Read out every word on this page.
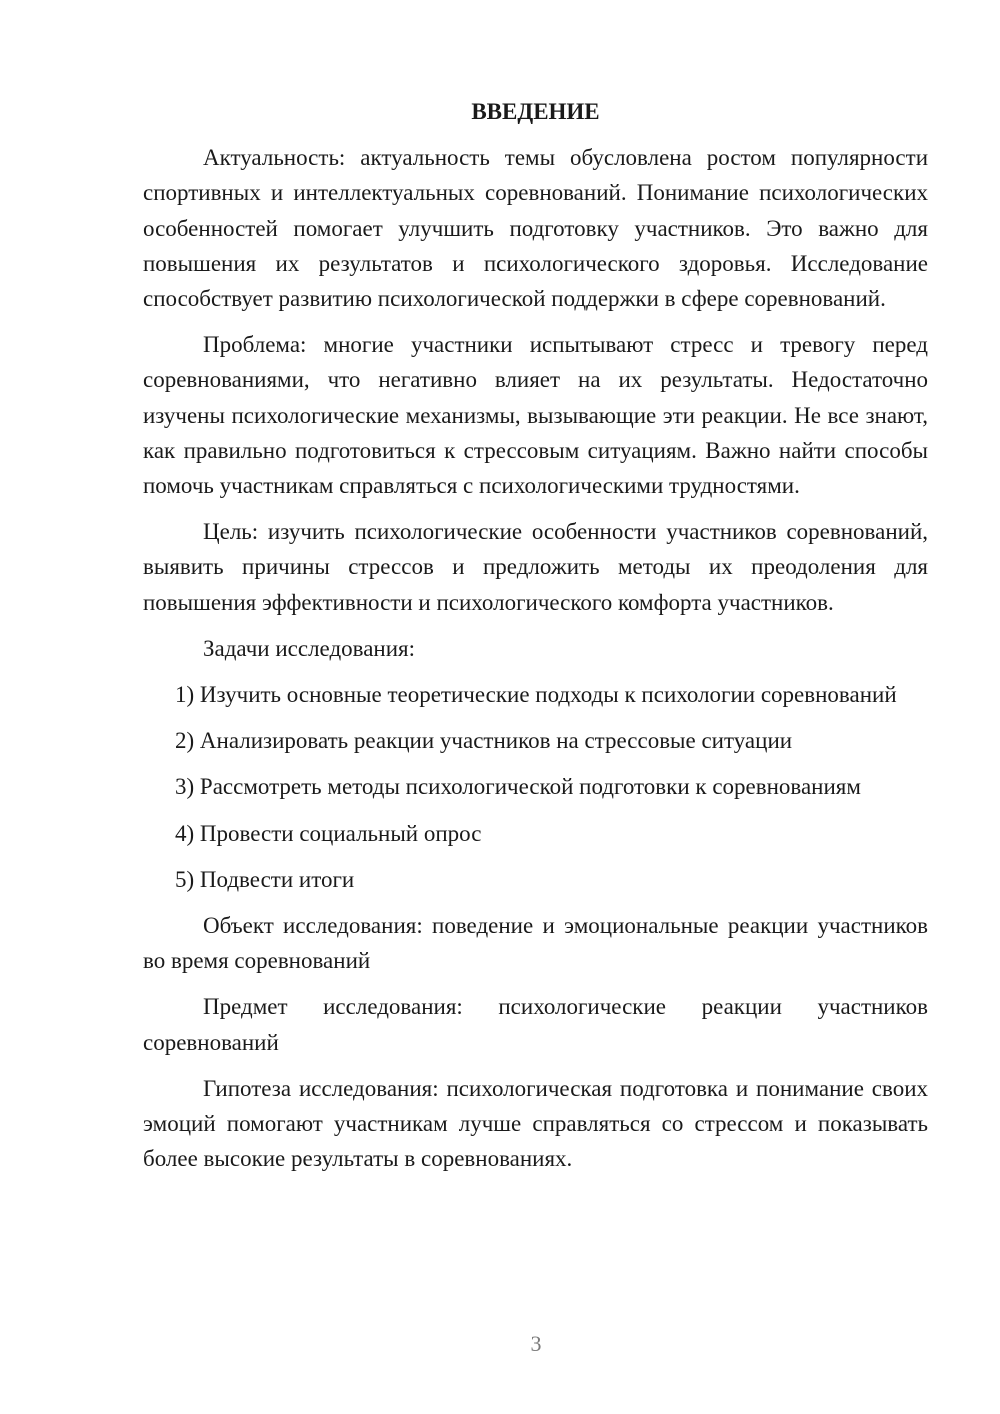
ВВЕДЕНИЕ

Актуальность: актуальность темы обусловлена ростом популярности спортивных и интеллектуальных соревнований. Понимание психологических особенностей помогает улучшить подготовку участников. Это важно для повышения их результатов и психологического здоровья. Исследование способствует развитию психологической поддержки в сфере соревнований.

Проблема: многие участники испытывают стресс и тревогу перед соревнованиями, что негативно влияет на их результаты. Недостаточно изучены психологические механизмы, вызывающие эти реакции. Не все знают, как правильно подготовиться к стрессовым ситуациям. Важно найти способы помочь участникам справляться с психологическими трудностями.

Цель: изучить психологические особенности участников соревнований, выявить причины стрессов и предложить методы их преодоления для повышения эффективности и психологического комфорта участников.

Задачи исследования:

1) Изучить основные теоретические подходы к психологии соревнований

2) Анализировать реакции участников на стрессовые ситуации

3) Рассмотреть методы психологической подготовки к соревнованиям

4) Провести социальный опрос

5) Подвести итоги

Объект исследования: поведение и эмоциональные реакции участников во время соревнований

Предмет исследования: психологические реакции участников соревнований

Гипотеза исследования: психологическая подготовка и понимание своих эмоций помогают участникам лучше справляться со стрессом и показывать более высокие результаты в соревнованиях.

3
